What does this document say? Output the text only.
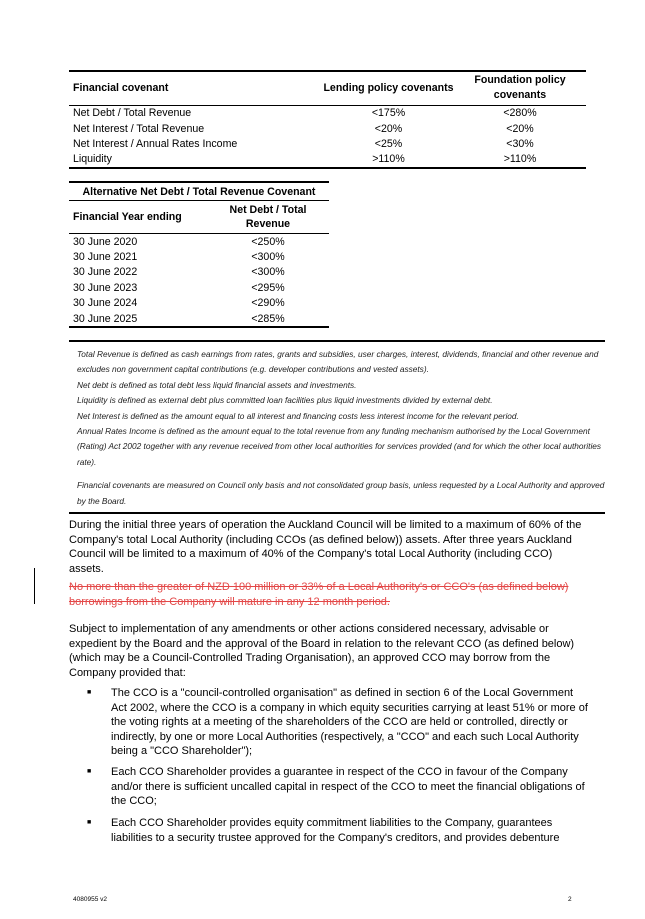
Financial covenant	Lending policy covenants	Foundation policy covenants
Net Debt / Total Revenue	<175%	<280%
Net Interest / Total Revenue	<20%	<20%
Net Interest / Annual Rates Income	<25%	<30%
Liquidity	>110%	>110%
Alternative Net Debt / Total Revenue Covenant	
Financial Year ending	Net Debt / Total Revenue
30 June 2020	<250%
30 June 2021	<300%
30 June 2022	<300%
30 June 2023	<295%
30 June 2024	<290%
30 June 2025	<285%

Total Revenue is defined as cash earnings from rates, grants and subsidies, user charges, interest, dividends, financial and other revenue and excludes non government capital contributions (e.g. developer contributions and vested assets).

Net debt is defined as total debt less liquid financial assets and investments.

Liquidity is defined as external debt plus committed loan facilities plus liquid investments divided by external debt.

Net Interest is defined as the amount equal to all interest and financing costs less interest income for the relevant period.

Annual Rates Income is defined as the amount equal to the total revenue from any funding mechanism authorised by the Local Government (Rating) Act 2002 together with any revenue received from other local authorities for services provided (and for which the other local authorities rate).

Financial covenants are measured on Council only basis and not consolidated group basis, unless requested by a Local Authority and approved by the Board.

During the initial three years of operation the Auckland Council will be limited to a maximum of 60% of the Company's total Local Authority (including CCOs (as defined below)) assets. After three years Auckland Council will be limited to a maximum of 40% of the Company's total Local Authority (including CCO) assets.

No more than the greater of NZD 100 million or 33% of a Local Authority's or CCO's (as defined below) borrowings from the Company will mature in any 12 month period.

Subject to implementation of any amendments or other actions considered necessary, advisable or expedient by the Board and the approval of the Board in relation to the relevant CCO (as defined below) (which may be a Council-Controlled Trading Organisation), an approved CCO may borrow from the Company provided that:

■ The CCO is a "council-controlled organisation" as defined in section 6 of the Local Government Act 2002, where the CCO is a company in which equity securities carrying at least 51% or more of the voting rights at a meeting of the shareholders of the CCO are held or controlled, directly or indirectly, by one or more Local Authorities (respectively, a "CCO" and each such Local Authority being a "CCO Shareholder");
■ Each CCO Shareholder provides a guarantee in respect of the CCO in favour of the Company and/or there is sufficient uncalled capital in respect of the CCO to meet the financial obligations of the CCO;
■ Each CCO Shareholder provides equity commitment liabilities to the Company, guarantees liabilities to a security trustee approved for the Company's creditors, and provides debenture
4080955 v2	2
